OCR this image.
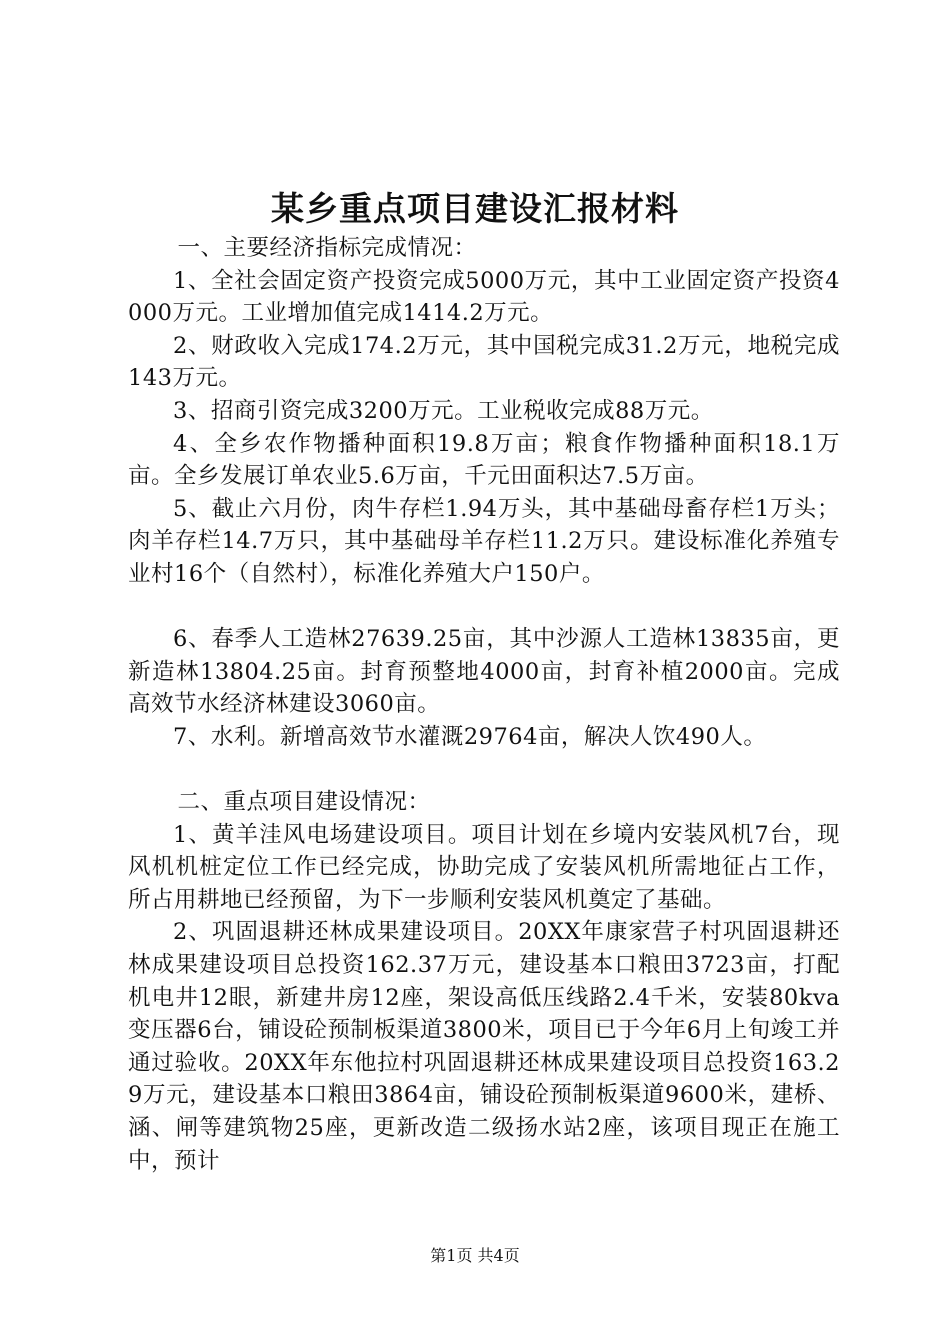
某乡重点项目建设汇报材料

一、主要经济指标完成情况：

1、全社会固定资产投资完成5000万元，其中工业固定资产投资4000万元。工业增加值完成1414.2万元。

2、财政收入完成174.2万元，其中国税完成31.2万元，地税完成143万元。

3、招商引资完成3200万元。工业税收完成88万元。

4、全乡农作物播种面积19.8万亩；粮食作物播种面积18.1万亩。全乡发展订单农业5.6万亩，千元田面积达7.5万亩。

5、截止六月份，肉牛存栏1.94万头，其中基础母畜存栏1万头；肉羊存栏14.7万只，其中基础母羊存栏11.2万只。建设标准化养殖专业村16个（自然村），标准化养殖大户150户。

6、春季人工造林27639.25亩，其中沙源人工造林13835亩，更新造林13804.25亩。封育预整地4000亩，封育补植2000亩。完成高效节水经济林建设3060亩。

7、水利。新增高效节水灌溉29764亩，解决人饮490人。

二、重点项目建设情况：

1、黄羊洼风电场建设项目。项目计划在乡境内安装风机7台，现风机机桩定位工作已经完成，协助完成了安装风机所需地征占工作，所占用耕地已经预留，为下一步顺利安装风机奠定了基础。

2、巩固退耕还林成果建设项目。20XX年康家营子村巩固退耕还林成果建设项目总投资162.37万元，建设基本口粮田3723亩，打配机电井12眼，新建井房12座，架设高低压线路2.4千米，安装80kva变压器6台，铺设砼预制板渠道3800米，项目已于今年6月上旬竣工并通过验收。20XX年东他拉村巩固退耕还林成果建设项目总投资163.29万元，建设基本口粮田3864亩，铺设砼预制板渠道9600米，建桥、涵、闸等建筑物25座，更新改造二级扬水站2座，该项目现正在施工中，预计

第1页 共4页
